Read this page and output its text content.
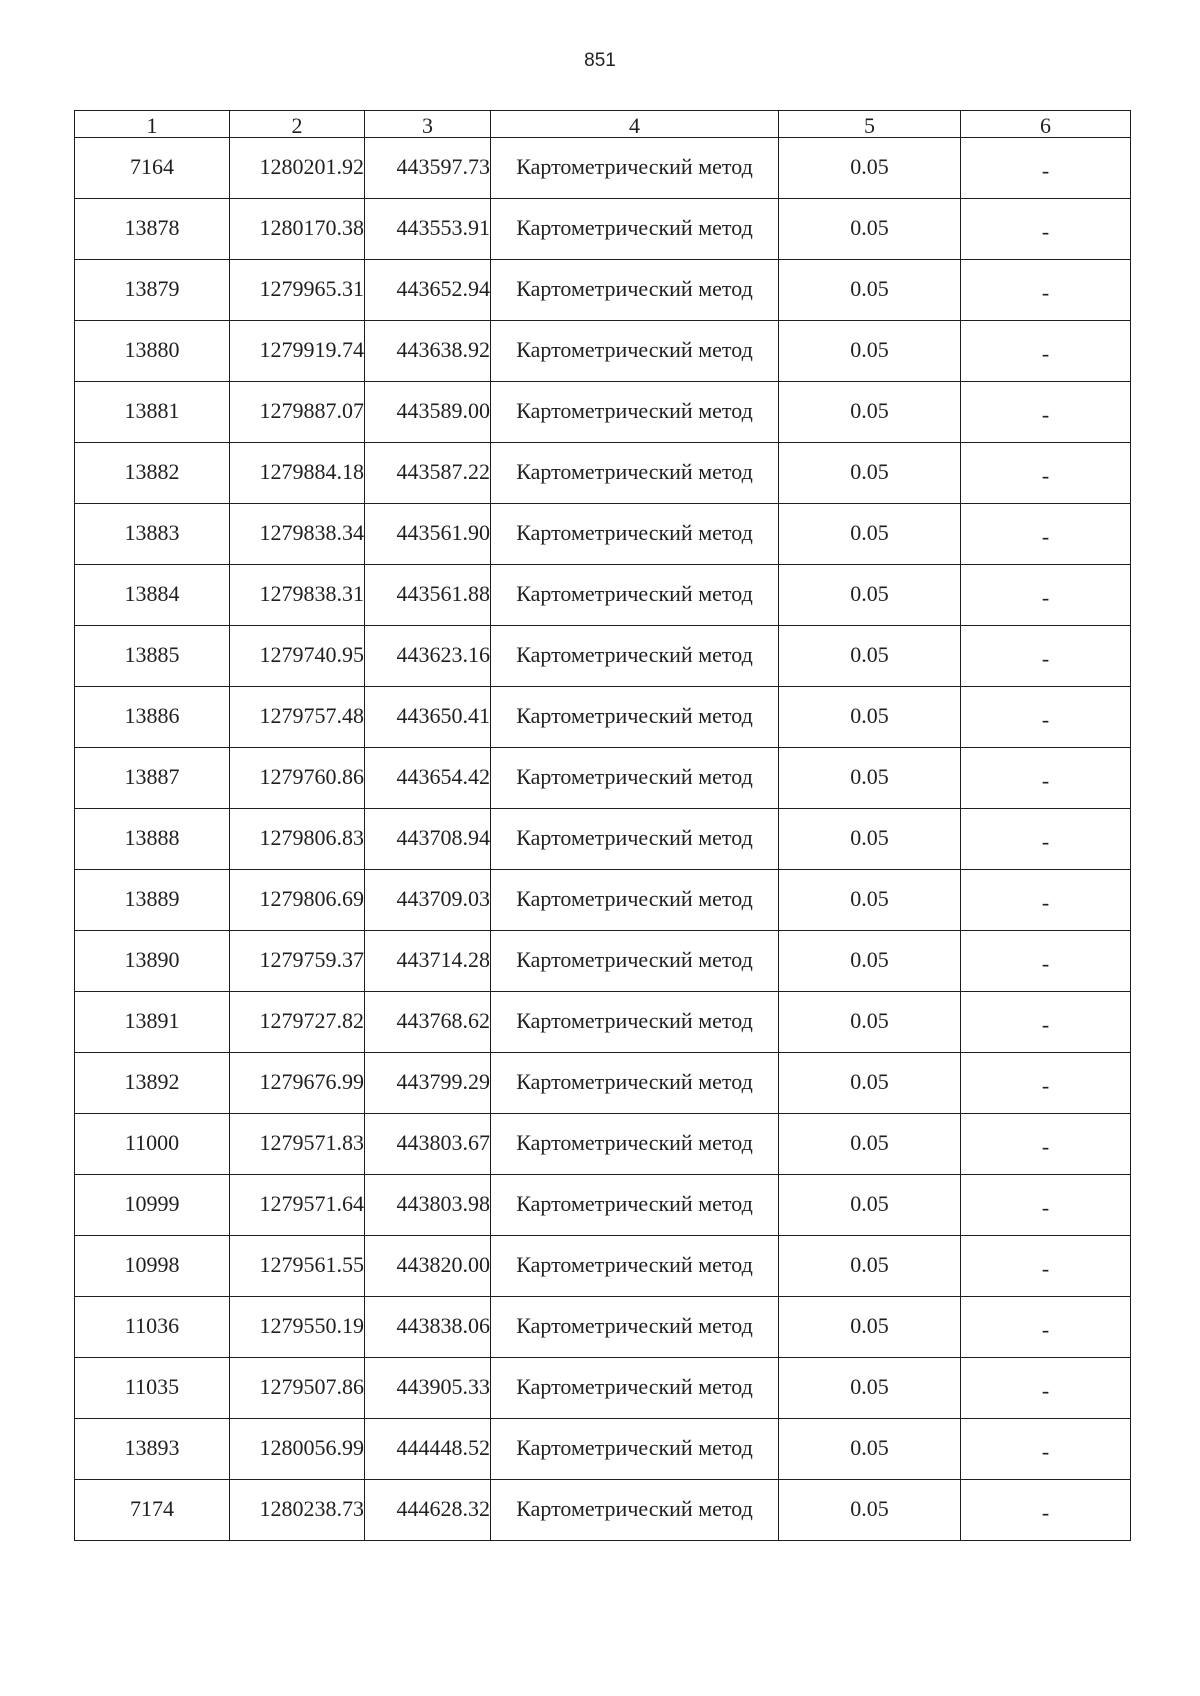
851
1	2	3	4	5	6
7164	1280201.92	443597.73	Картометрический метод	0.05	-
13878	1280170.38	443553.91	Картометрический метод	0.05	-
13879	1279965.31	443652.94	Картометрический метод	0.05	-
13880	1279919.74	443638.92	Картометрический метод	0.05	-
13881	1279887.07	443589.00	Картометрический метод	0.05	-
13882	1279884.18	443587.22	Картометрический метод	0.05	-
13883	1279838.34	443561.90	Картометрический метод	0.05	-
13884	1279838.31	443561.88	Картометрический метод	0.05	-
13885	1279740.95	443623.16	Картометрический метод	0.05	-
13886	1279757.48	443650.41	Картометрический метод	0.05	-
13887	1279760.86	443654.42	Картометрический метод	0.05	-
13888	1279806.83	443708.94	Картометрический метод	0.05	-
13889	1279806.69	443709.03	Картометрический метод	0.05	-
13890	1279759.37	443714.28	Картометрический метод	0.05	-
13891	1279727.82	443768.62	Картометрический метод	0.05	-
13892	1279676.99	443799.29	Картометрический метод	0.05	-
11000	1279571.83	443803.67	Картометрический метод	0.05	-
10999	1279571.64	443803.98	Картометрический метод	0.05	-
10998	1279561.55	443820.00	Картометрический метод	0.05	-
11036	1279550.19	443838.06	Картометрический метод	0.05	-
11035	1279507.86	443905.33	Картометрический метод	0.05	-
13893	1280056.99	444448.52	Картометрический метод	0.05	-
7174	1280238.73	444628.32	Картометрический метод	0.05	-
